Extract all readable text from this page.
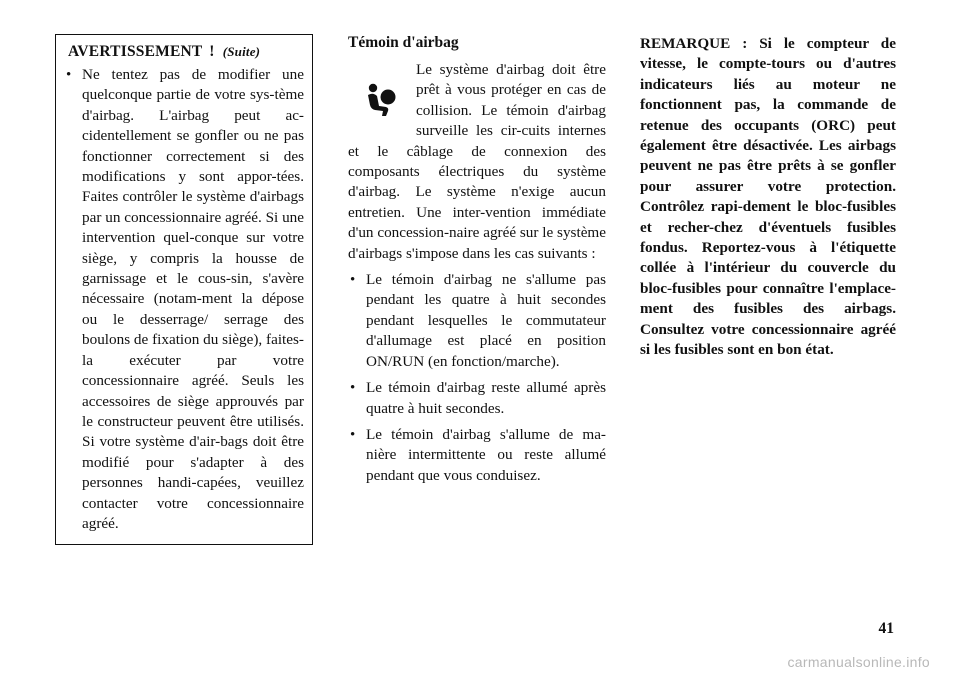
AVERTISSEMENT ! (Suite)
• Ne tentez pas de modifier une quelconque partie de votre sys-tème d'airbag. L'airbag peut ac-cidentellement se gonfler ou ne pas fonctionner correctement si des modifications y sont appor-tées. Faites contrôler le système d'airbags par un concessionnaire agréé. Si une intervention quel-conque sur votre siège, y compris la housse de garnissage et le cous-sin, s'avère nécessaire (notam-ment la dépose ou le desserrage/ serrage des boulons de fixation du siège), faites-la exécuter par votre concessionnaire agréé. Seuls les accessoires de siège approuvés par le constructeur peuvent être utilisés. Si votre système d'air-bags doit être modifié pour s'adapter à des personnes handi-capées, veuillez contacter votre concessionnaire agréé.
Témoin d'airbag

Le système d'airbag doit être prêt à vous protéger en cas de collision. Le témoin d'airbag surveille les cir-cuits internes et le câblage de connexion des composants électriques du système d'airbag. Le système n'exige aucun entretien. Une inter-vention immédiate d'un concession-naire agréé sur le système d'airbags s'impose dans les cas suivants :

• Le témoin d'airbag ne s'allume pas pendant les quatre à huit secondes pendant lesquelles le commutateur d'allumage est placé en position ON/RUN (en fonction/marche).
• Le témoin d'airbag reste allumé après quatre à huit secondes.
• Le témoin d'airbag s'allume de ma-nière intermittente ou reste allumé pendant que vous conduisez.

REMARQUE : Si le compteur de vitesse, le compte-tours ou d'autres indicateurs liés au moteur ne fonctionnent pas, la commande de retenue des occupants (ORC) peut également être désactivée. Les airbags peuvent ne pas être prêts à se gonfler pour assurer votre protection. Contrôlez rapi-dement le bloc-fusibles et recher-chez d'éventuels fusibles fondus. Reportez-vous à l'étiquette collée à l'intérieur du couvercle du bloc-fusibles pour connaître l'emplace-ment des fusibles des airbags. Consultez votre concessionnaire agréé si les fusibles sont en bon état.

41
carmanualsonline.info
